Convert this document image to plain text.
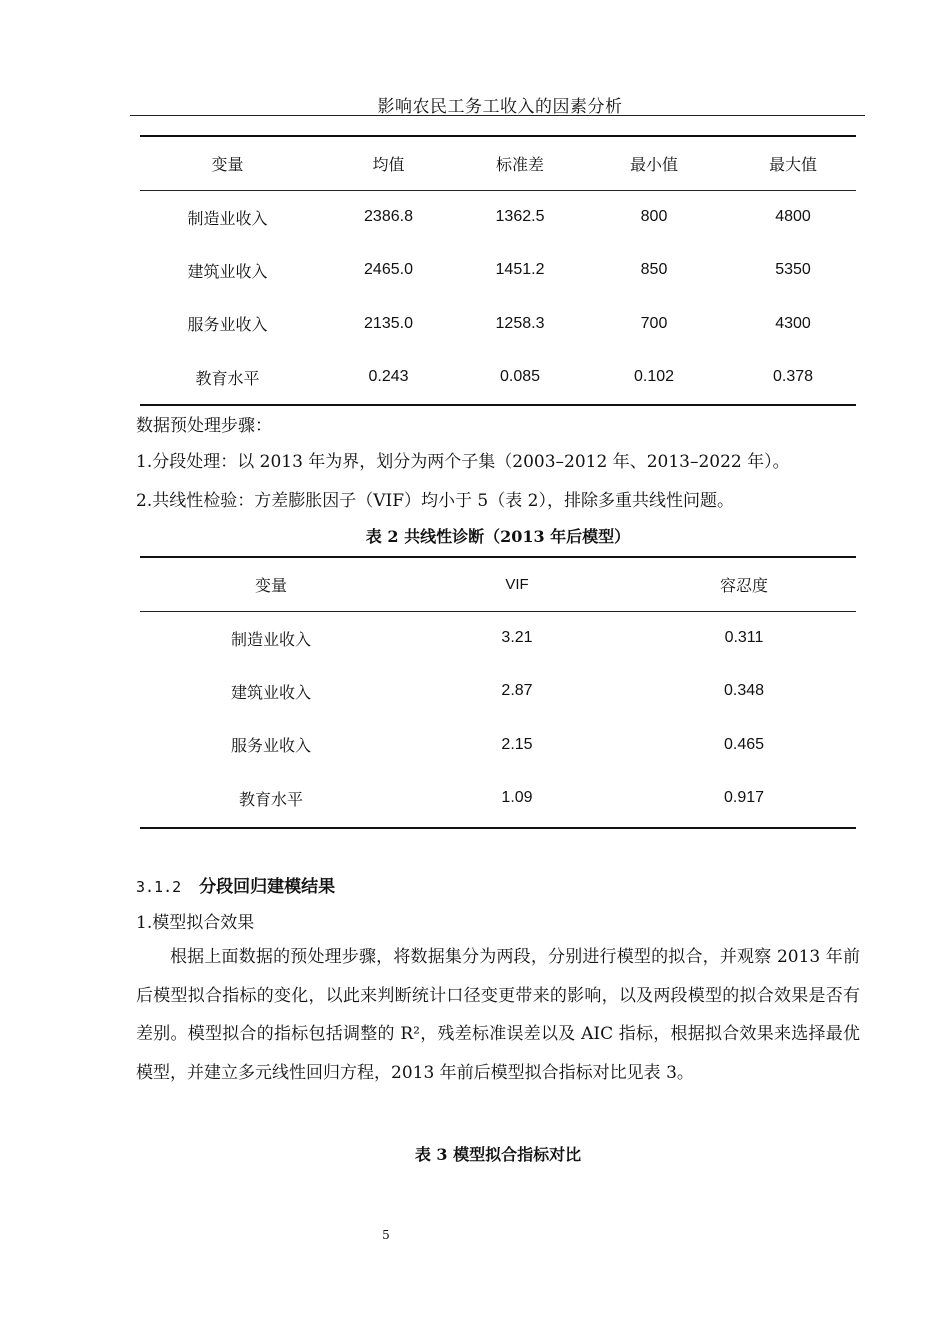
影响农民工务工收入的因素分析
变量	均值	标准差	最小值	最大值
制造业收入	2386.8	1362.5	800	4800
建筑业收入	2465.0	1451.2	850	5350
服务业收入	2135.0	1258.3	700	4300
教育水平	0.243	0.085	0.102	0.378
数据预处理步骤：
1.分段处理：以 2013 年为界，划分为两个子集（2003–2012 年、2013–2022 年）。
2.共线性检验：方差膨胀因子（VIF）均小于 5（表 2），排除多重共线性问题。
表 2 共线性诊断（2013 年后模型）
变量	VIF	容忍度
制造业收入	3.21	0.311
建筑业收入	2.87	0.348
服务业收入	2.15	0.465
教育水平	1.09	0.917
3.1.2 分段回归建模结果
1.模型拟合效果
根据上面数据的预处理步骤，将数据集分为两段，分别进行模型的拟合，并观察 2013 年前后模型拟合指标的变化，以此来判断统计口径变更带来的影响，以及两段模型的拟合效果是否有差别。模型拟合的指标包括调整的 R²，残差标准误差以及 AIC 指标，根据拟合效果来选择最优模型，并建立多元线性回归方程，2013 年前后模型拟合指标对比见表 3。
表 3 模型拟合指标对比
5
